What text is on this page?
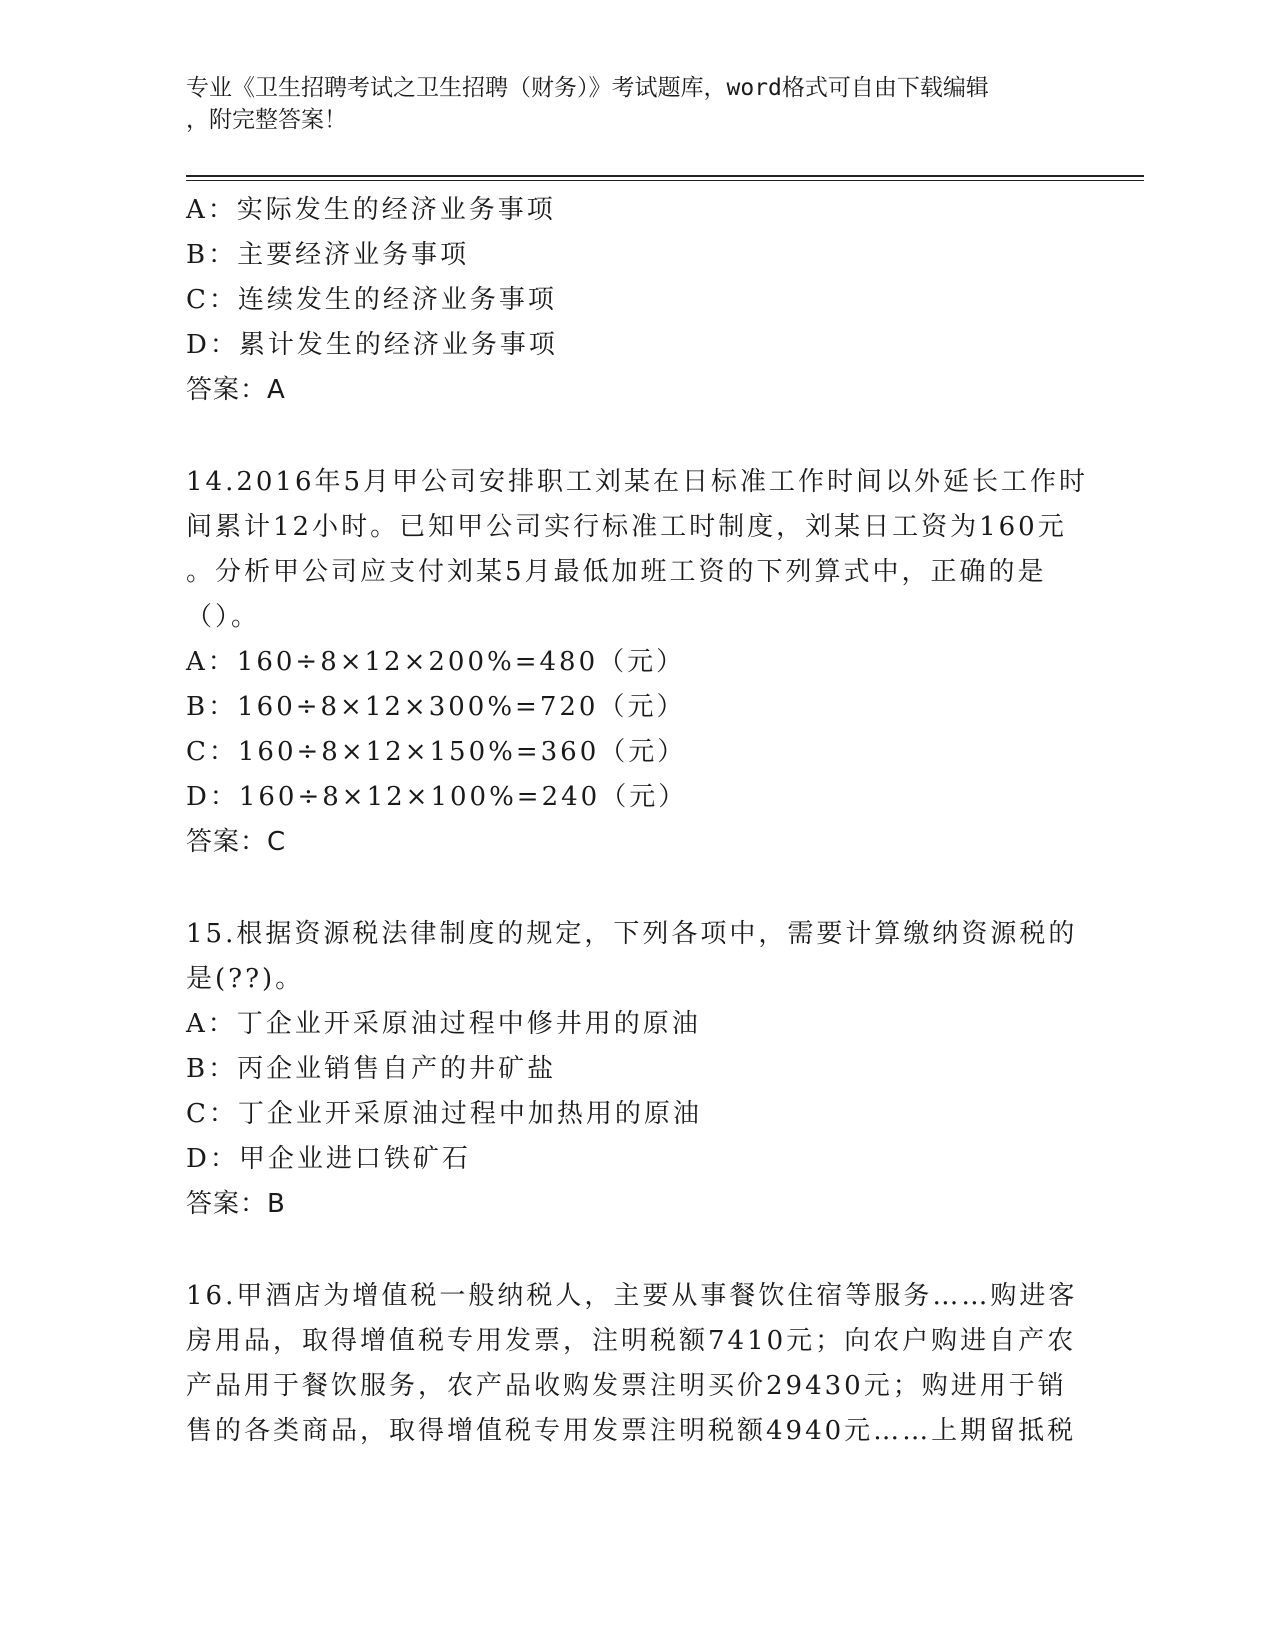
专业《卫生招聘考试之卫生招聘（财务）》考试题库，word格式可自由下载编辑
，附完整答案！
A：实际发生的经济业务事项
B：主要经济业务事项
C：连续发生的经济业务事项
D：累计发生的经济业务事项
答案：A
14.2016年5月甲公司安排职工刘某在日标准工作时间以外延长工作时
间累计12小时。已知甲公司实行标准工时制度，刘某日工资为160元
。分析甲公司应支付刘某5月最低加班工资的下列算式中，正确的是
（）。
A：160÷8×12×200%=480（元）
B：160÷8×12×300%=720（元）
C：160÷8×12×150%=360（元）
D：160÷8×12×100%=240（元）
答案：C
15.根据资源税法律制度的规定，下列各项中，需要计算缴纳资源税的
是(??)。
A：丁企业开采原油过程中修井用的原油
B：丙企业销售自产的井矿盐
C：丁企业开采原油过程中加热用的原油
D：甲企业进口铁矿石
答案：B
16.甲酒店为增值税一般纳税人，主要从事餐饮住宿等服务……购进客
房用品，取得增值税专用发票，注明税额7410元；向农户购进自产农
产品用于餐饮服务，农产品收购发票注明买价29430元；购进用于销
售的各类商品，取得增值税专用发票注明税额4940元……上期留抵税
